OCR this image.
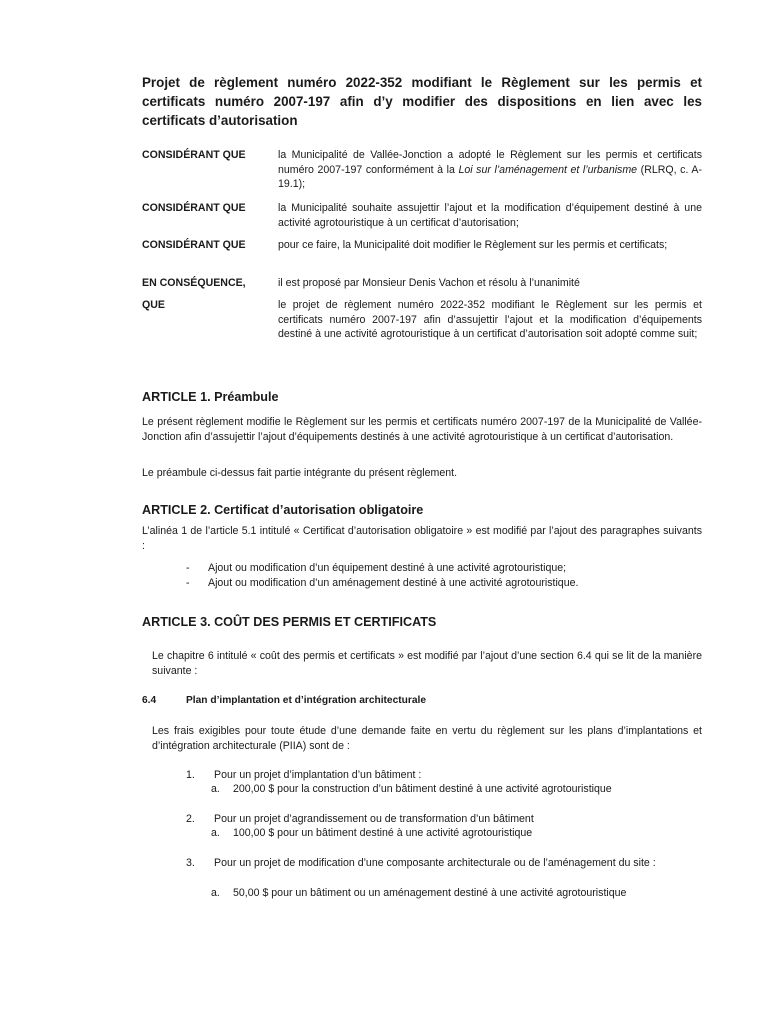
Projet de règlement numéro 2022-352 modifiant le Règlement sur les permis et certificats numéro 2007-197 afin d’y modifier des dispositions en lien avec les certificats d’autorisation
CONSIDÉRANT QUE	la Municipalité de Vallée-Jonction a adopté le Règlement sur les permis et certificats numéro 2007-197 conformément à la Loi sur l’aménagement et l’urbanisme (RLRQ, c. A-19.1);
CONSIDÉRANT QUE	la Municipalité souhaite assujettir l’ajout et la modification d’équipement destiné à une activité agrotouristique à un certificat d’autorisation;
CONSIDÉRANT QUE	pour ce faire, la Municipalité doit modifier le Règlement sur les permis et certificats;
EN CONSÉQUENCE,	il est proposé par Monsieur Denis Vachon et résolu à l’unanimité
QUE	le projet de règlement numéro 2022-352 modifiant le Règlement sur les permis et certificats numéro 2007-197 afin d’assujettir l’ajout et la modification d’équipements destiné à une activité agrotouristique à un certificat d’autorisation soit adopté comme suit;
ARTICLE 1. Préambule
Le présent règlement modifie le Règlement sur les permis et certificats numéro 2007-197 de la Municipalité de Vallée-Jonction afin d’assujettir l’ajout d’équipements destinés à une activité agrotouristique à un certificat d’autorisation.
Le préambule ci-dessus fait partie intégrante du présent règlement.
ARTICLE 2. Certificat d’autorisation obligatoire
L’alinéa 1 de l’article 5.1 intitulé « Certificat d’autorisation obligatoire » est modifié par l’ajout des paragraphes suivants :
- Ajout ou modification d’un équipement destiné à une activité agrotouristique;
- Ajout ou modification d’un aménagement destiné à une activité agrotouristique.
ARTICLE 3. COÛT DES PERMIS ET CERTIFICATS
Le chapitre 6 intitulé « coût des permis et certificats » est modifié par l’ajout d’une section 6.4 qui se lit de la manière suivante :
6.4	Plan d’implantation et d’intégration architecturale
Les frais exigibles pour toute étude d’une demande faite en vertu du règlement sur les plans d’implantations et d’intégration architecturale (PIIA) sont de :
1. Pour un projet d’implantation d’un bâtiment :
a. 200,00 $ pour la construction d’un bâtiment destiné à une activité agrotouristique
2. Pour un projet d’agrandissement ou de transformation d’un bâtiment
a. 100,00 $ pour un bâtiment destiné à une activité agrotouristique
3. Pour un projet de modification d’une composante architecturale ou de l’aménagement du site :
a. 50,00 $ pour un bâtiment ou un aménagement destiné à une activité agrotouristique
